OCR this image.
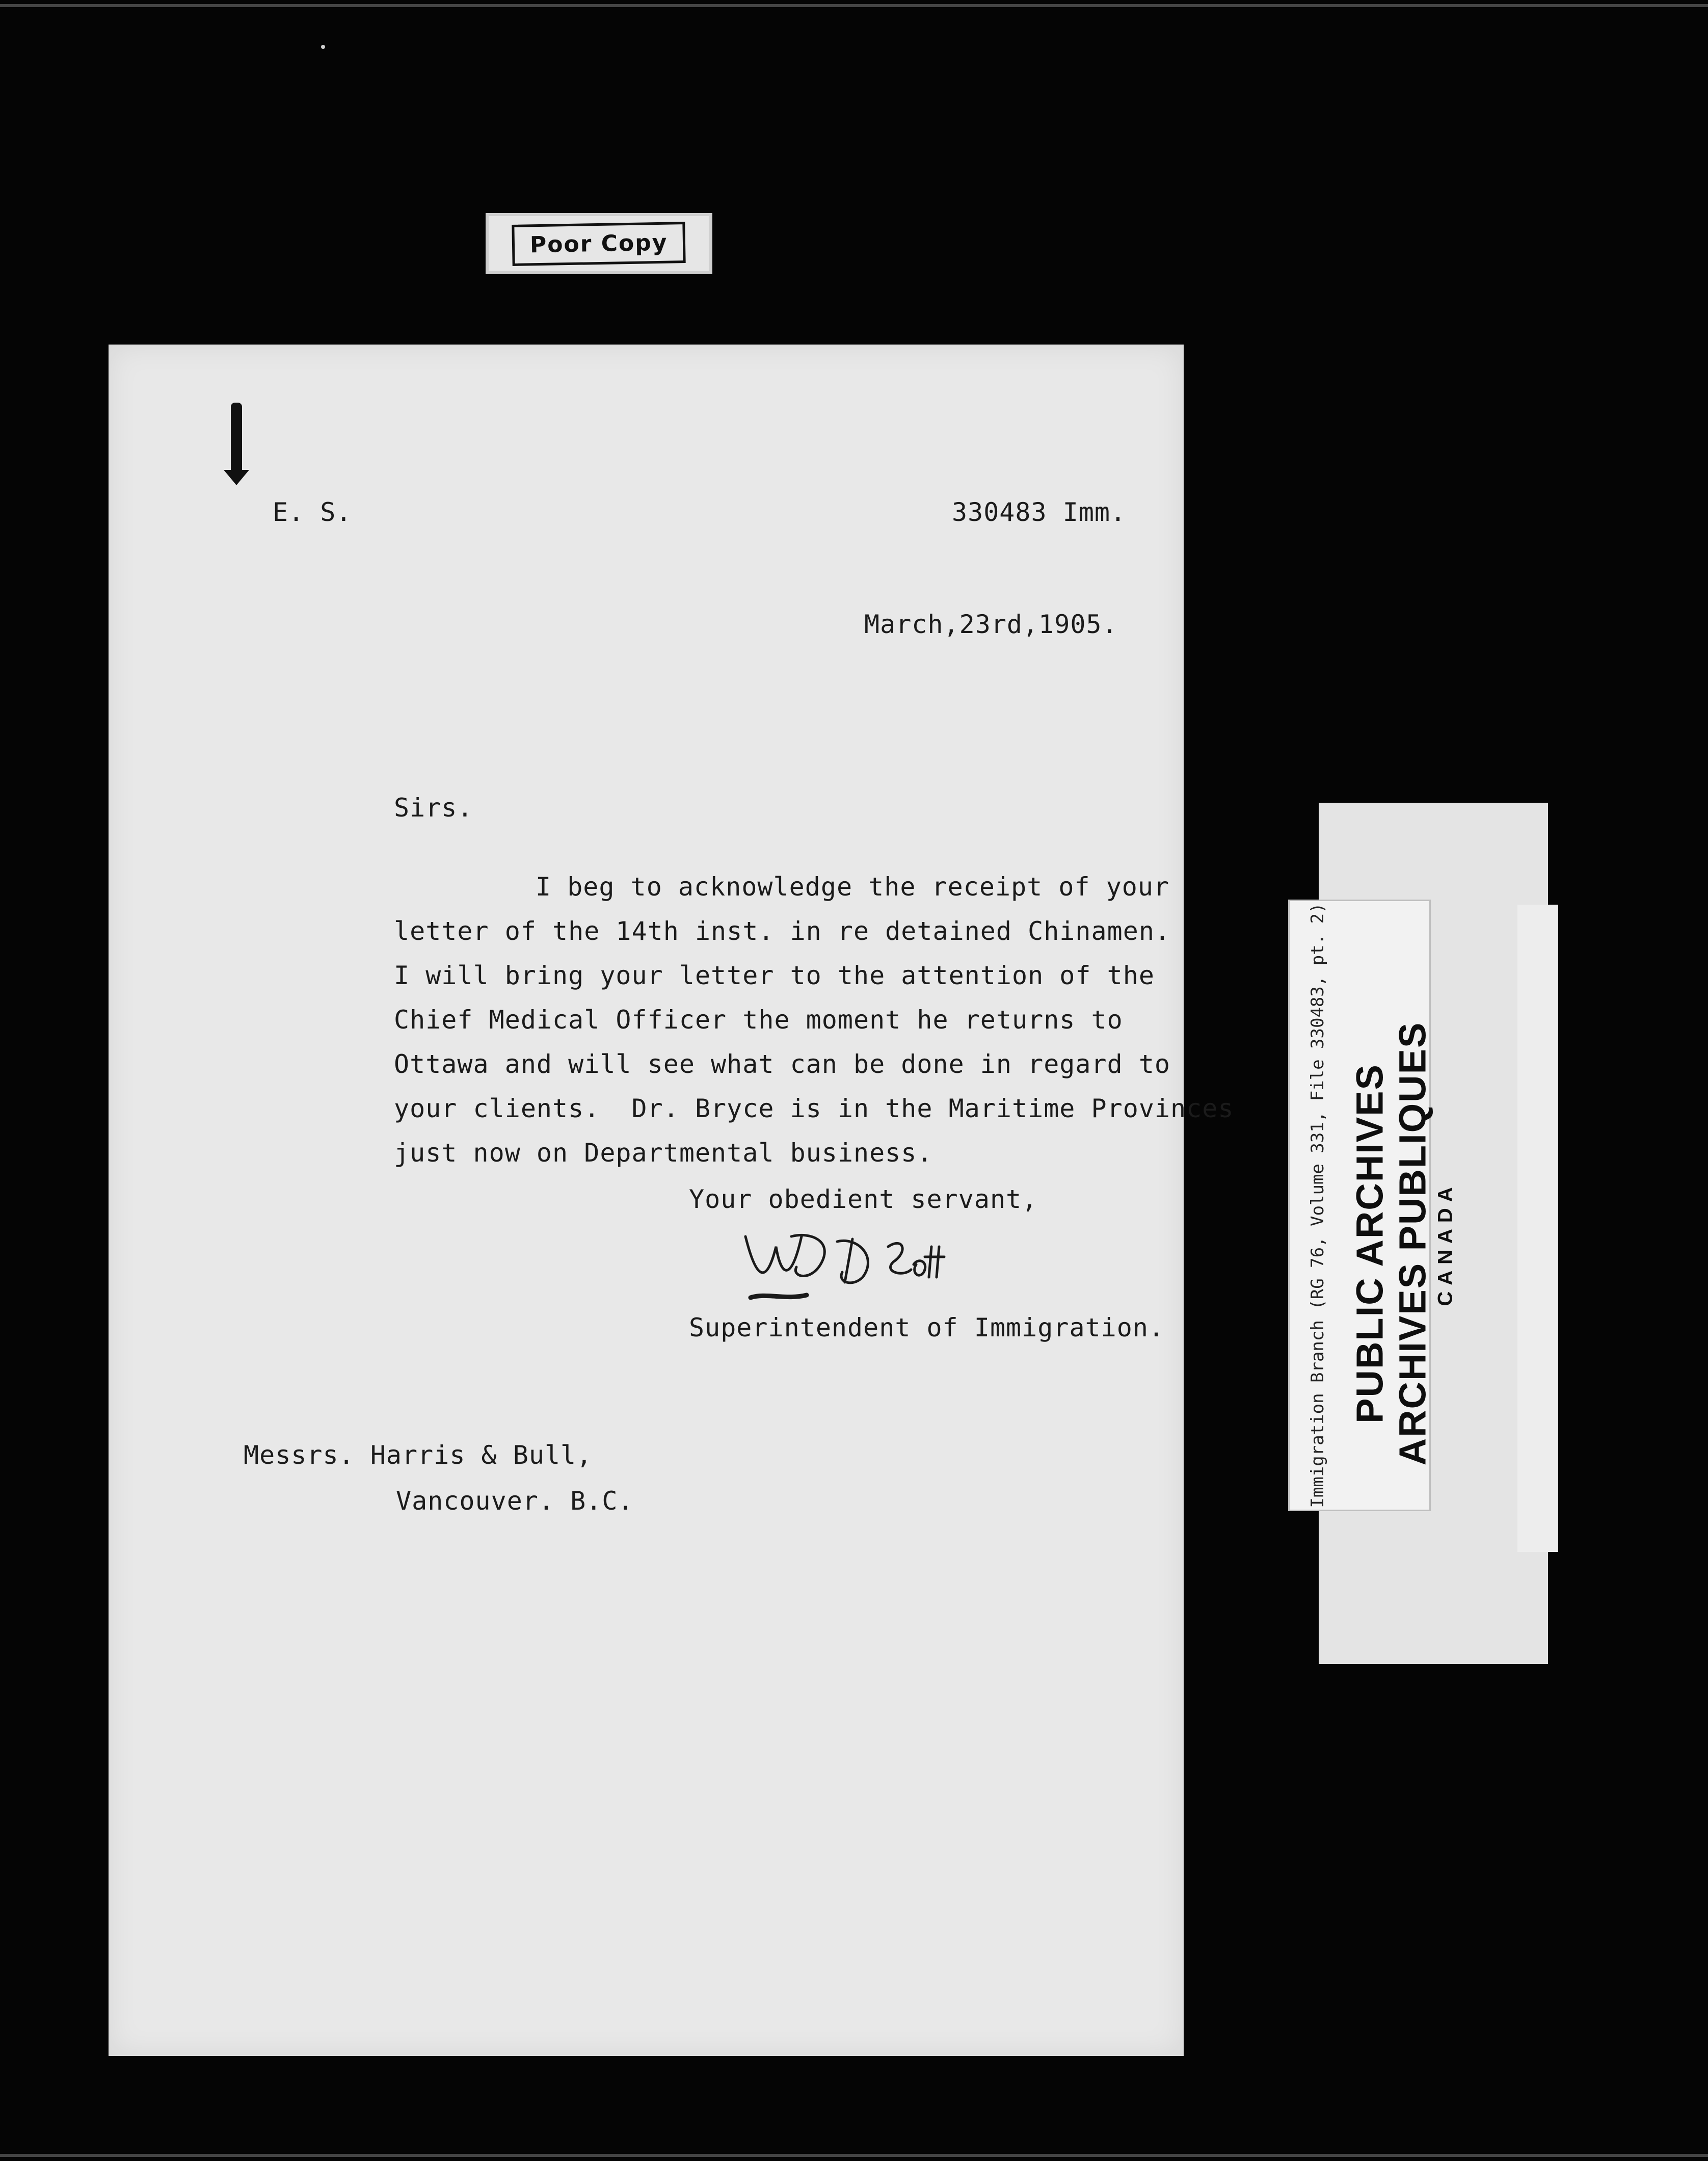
Poor Copy
E. S.	330483 Imm.
March,23rd,1905.
Sirs.
I beg to acknowledge the receipt of your
letter of the 14th inst. in re detained Chinamen.
I will bring your letter to the attention of the
Chief Medical Officer the moment he returns to
Ottawa and will see what can be done in regard to
your clients.  Dr. Bryce is in the Maritime Provinces
just now on Departmental business.
Your obedient servant,
Superintendent of Immigration.
Messrs. Harris & Bull,
Vancouver. B.C.	Immigration Branch (RG 76, Volume 331, File 330483, pt. 2) PUBLIC ARCHIVES ARCHIVES PUBLIQUES CANADA
